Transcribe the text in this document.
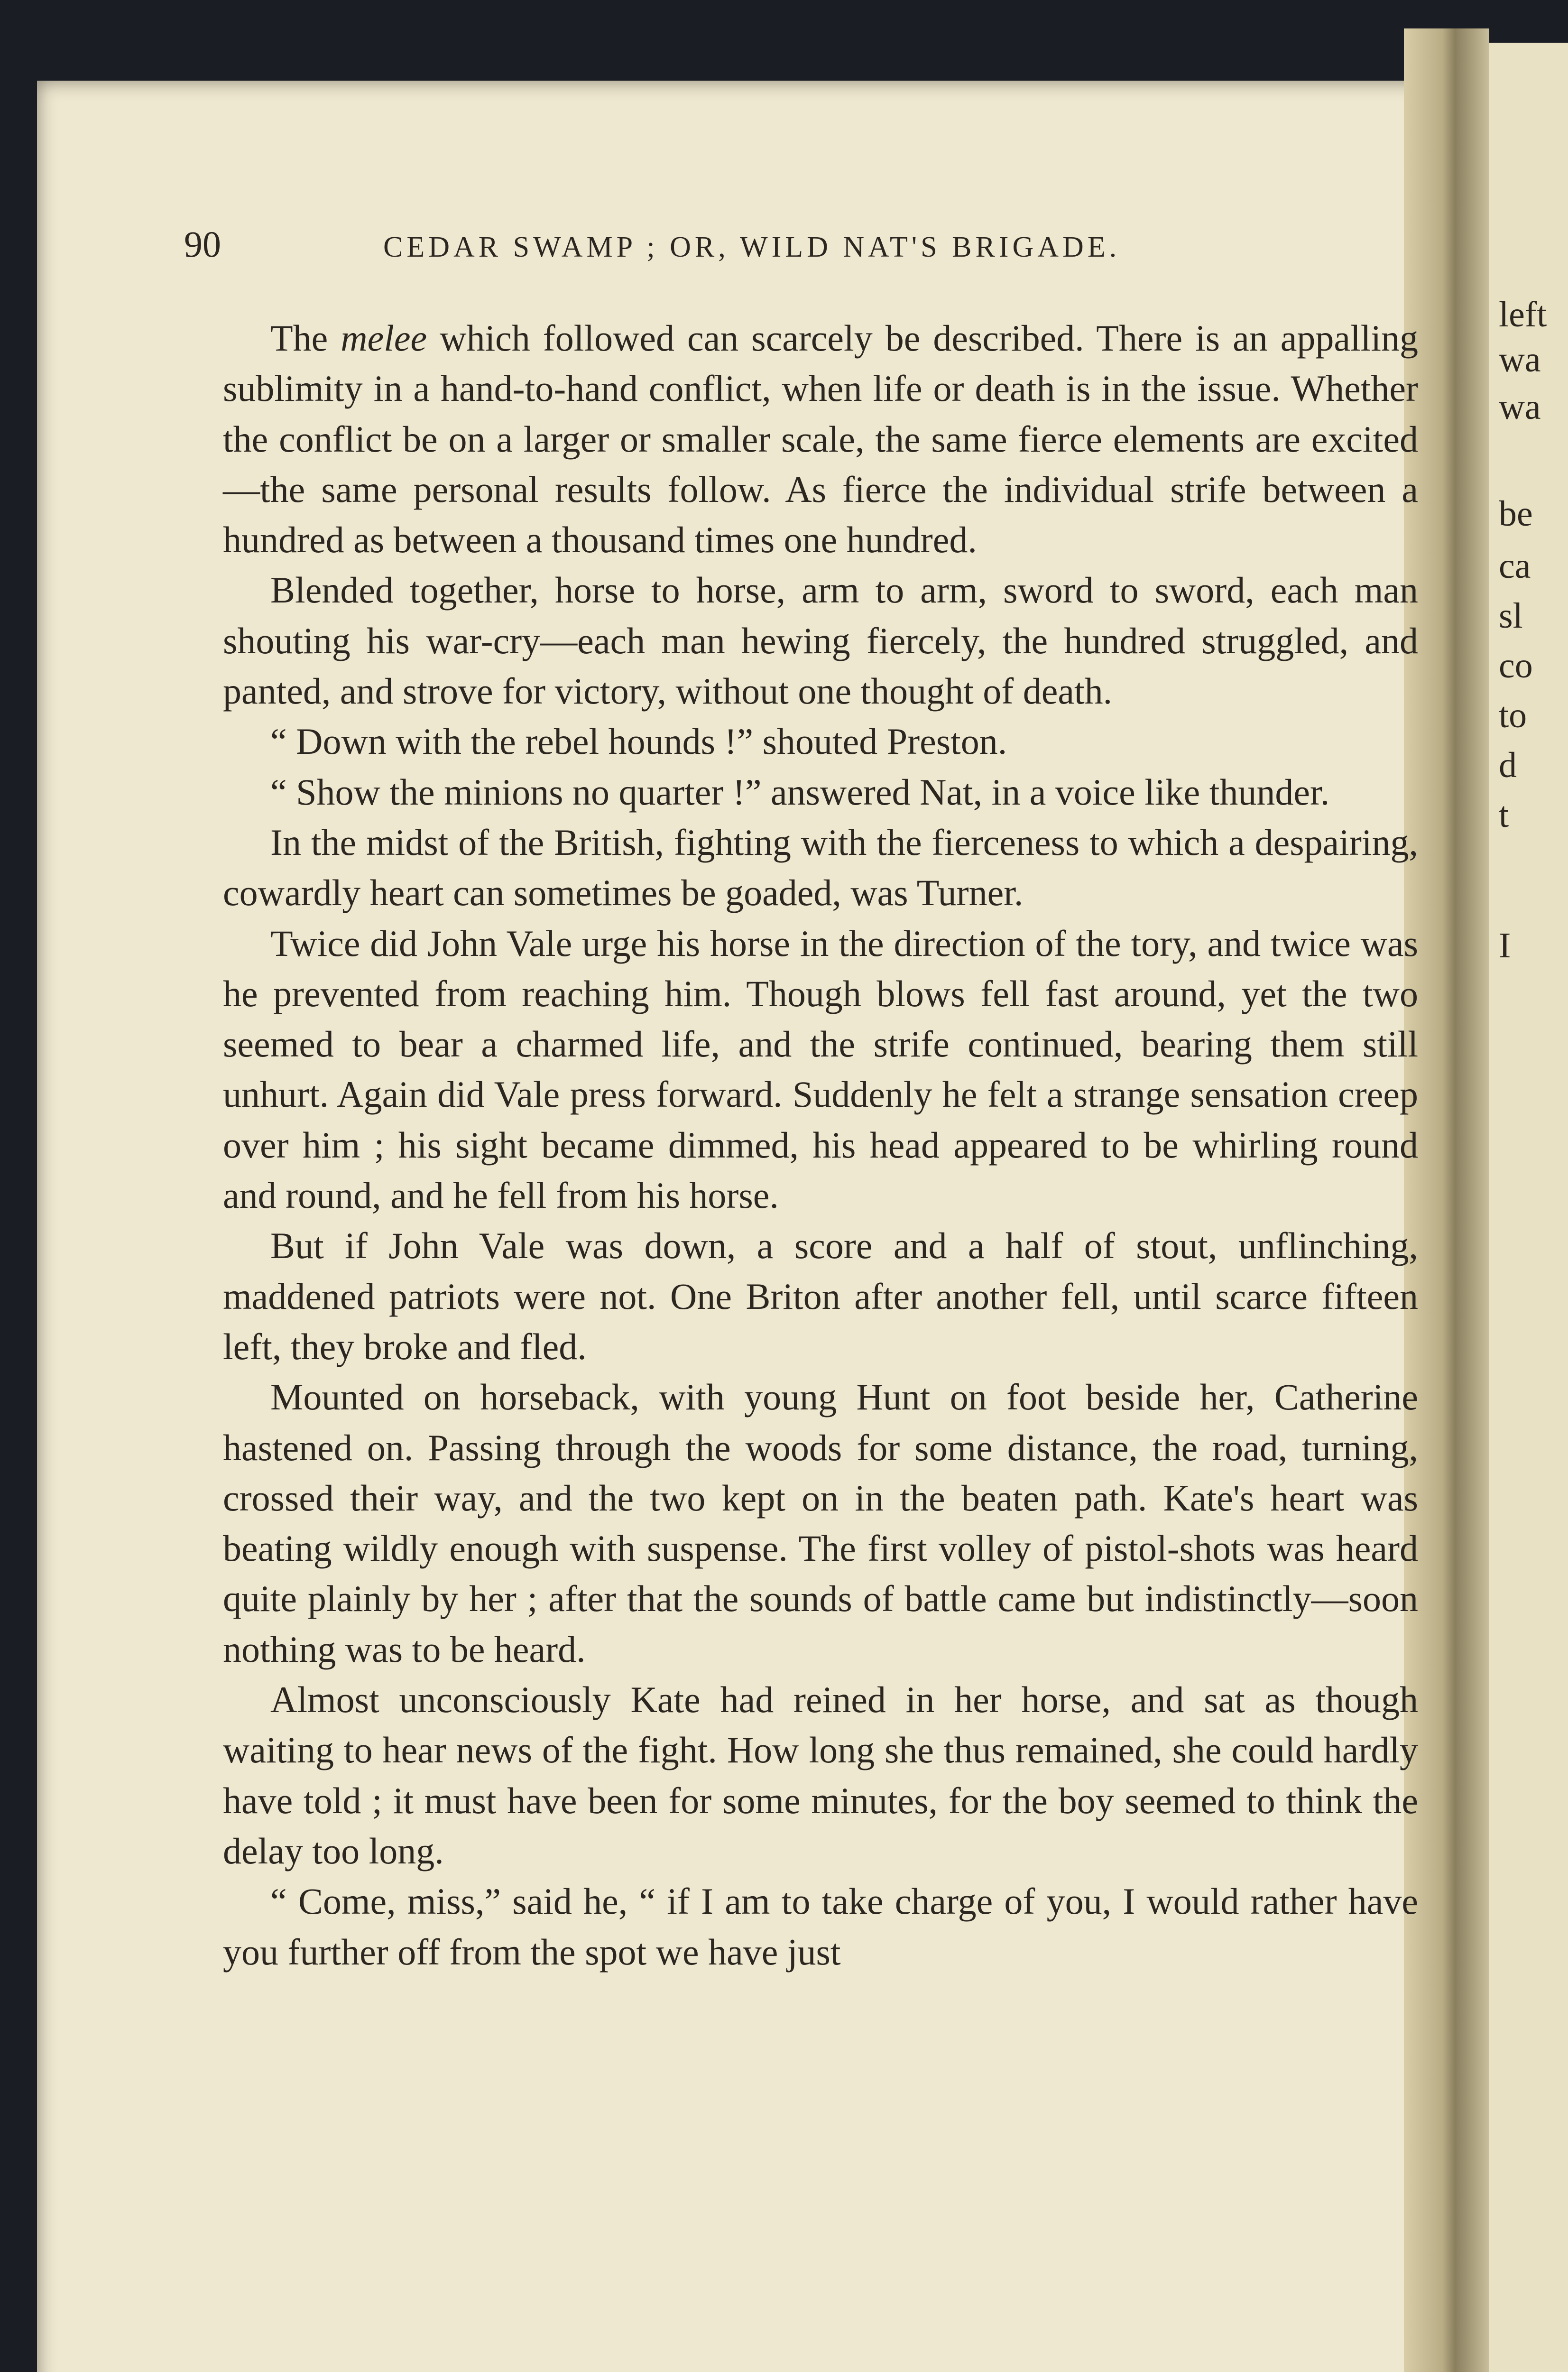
left
wa
wa
be
ca
sl
co
to
d
t
I
90	CEDAR SWAMP ; OR, WILD NAT'S BRIGADE.

The melee which followed can scarcely be described. There is an appalling sublimity in a hand-to-hand conflict, when life or death is in the issue. Whether the conflict be on a larger or smaller scale, the same fierce elements are excited—the same personal results follow. As fierce the individual strife between a hundred as between a thousand times one hundred.

Blended together, horse to horse, arm to arm, sword to sword, each man shouting his war-cry—each man hewing fiercely, the hundred struggled, and panted, and strove for victory, without one thought of death.

“ Down with the rebel hounds !” shouted Preston.

“ Show the minions no quarter !” answered Nat, in a voice like thunder.

In the midst of the British, fighting with the fierceness to which a despairing, cowardly heart can sometimes be goaded, was Turner.

Twice did John Vale urge his horse in the direction of the tory, and twice was he prevented from reaching him. Though blows fell fast around, yet the two seemed to bear a charmed life, and the strife continued, bearing them still unhurt. Again did Vale press forward. Suddenly he felt a strange sensation creep over him ; his sight became dimmed, his head appeared to be whirling round and round, and he fell from his horse.

But if John Vale was down, a score and a half of stout, unflinching, maddened patriots were not. One Briton after another fell, until scarce fifteen left, they broke and fled.

Mounted on horseback, with young Hunt on foot beside her, Catherine hastened on. Passing through the woods for some distance, the road, turning, crossed their way, and the two kept on in the beaten path. Kate's heart was beating wildly enough with suspense. The first volley of pistol-shots was heard quite plainly by her ; after that the sounds of battle came but indistinctly—soon nothing was to be heard.

Almost unconsciously Kate had reined in her horse, and sat as though waiting to hear news of the fight. How long she thus remained, she could hardly have told ; it must have been for some minutes, for the boy seemed to think the delay too long.

“ Come, miss,” said he, “ if I am to take charge of you, I would rather have you further off from the spot we have just
